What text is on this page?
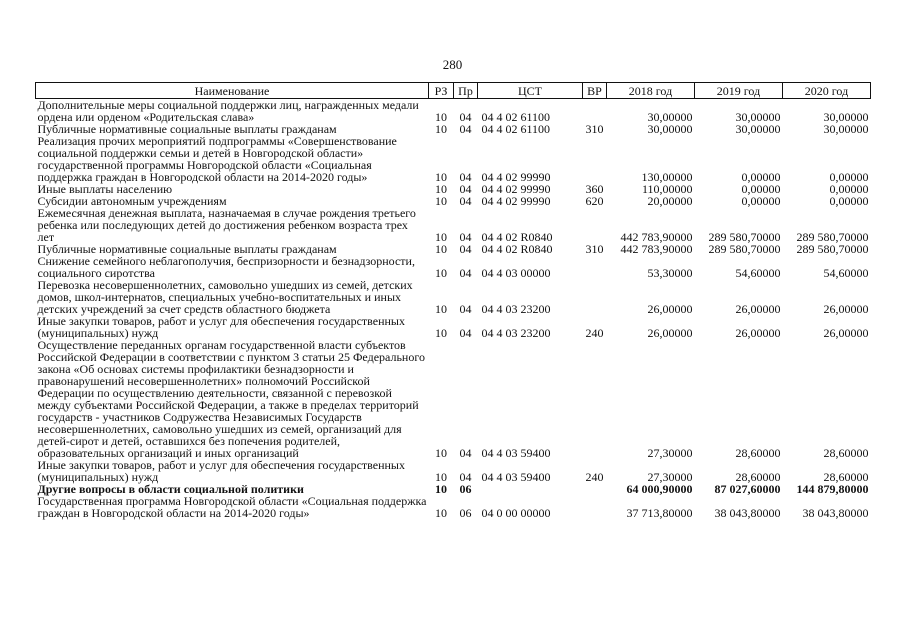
280
Наименование	РЗ	Пр	ЦСТ	ВР	2018 год	2019 год	2020 год
Дополнительные меры социальной поддержки лиц, награжденных медали ордена или орденом «Родительская слава»	10	04	04 4 02 61100		30,00000	30,00000	30,00000
Публичные нормативные социальные выплаты гражданам	10	04	04 4 02 61100	310	30,00000	30,00000	30,00000
Реализация прочих мероприятий подпрограммы «Совершенствование социальной поддержки семьи и детей в Новгородской области» государственной программы Новгородской области «Социальная поддержка граждан в Новгородской области на 2014-2020 годы»	10	04	04 4 02 99990		130,00000	0,00000	0,00000
Иные выплаты населению	10	04	04 4 02 99990	360	110,00000	0,00000	0,00000
Субсидии автономным учреждениям	10	04	04 4 02 99990	620	20,00000	0,00000	0,00000
Ежемесячная денежная выплата, назначаемая в случае рождения третьего ребенка или последующих детей до достижения ребенком возраста трех лет	10	04	04 4 02 R0840		442 783,90000	289 580,70000	289 580,70000
Публичные нормативные социальные выплаты гражданам	10	04	04 4 02 R0840	310	442 783,90000	289 580,70000	289 580,70000
Снижение семейного неблагополучия, беспризорности и безнадзорности, социального сиротства	10	04	04 4 03 00000		53,30000	54,60000	54,60000
Перевозка несовершеннолетних, самовольно ушедших из семей, детских домов, школ-интернатов, специальных учебно-воспитательных и иных детских учреждений за счет средств областного бюджета	10	04	04 4 03 23200		26,00000	26,00000	26,00000
Иные закупки товаров, работ и услуг для обеспечения государственных (муниципальных) нужд	10	04	04 4 03 23200	240	26,00000	26,00000	26,00000
Осуществление переданных органам государственной власти субъектов Российской Федерации в соответствии с пунктом 3 статьи 25 Федерального закона «Об основах системы профилактики безнадзорности и правонарушений несовершеннолетних» полномочий Российской Федерации по осуществлению деятельности, связанной с перевозкой между субъектами Российской Федерации, а также в пределах территорий государств - участников Содружества Независимых Государств несовершеннолетних, самовольно ушедших из семей, организаций для детей-сирот и детей, оставшихся без попечения родителей, образовательных организаций и иных организаций	10	04	04 4 03 59400		27,30000	28,60000	28,60000
Иные закупки товаров, работ и услуг для обеспечения государственных (муниципальных) нужд	10	04	04 4 03 59400	240	27,30000	28,60000	28,60000
Другие вопросы в области социальной политики	10	06			64 000,90000	87 027,60000	144 879,80000
Государственная программа Новгородской области «Социальная поддержка граждан в Новгородской области на 2014-2020 годы»	10	06	04 0 00 00000		37 713,80000	38 043,80000	38 043,80000
